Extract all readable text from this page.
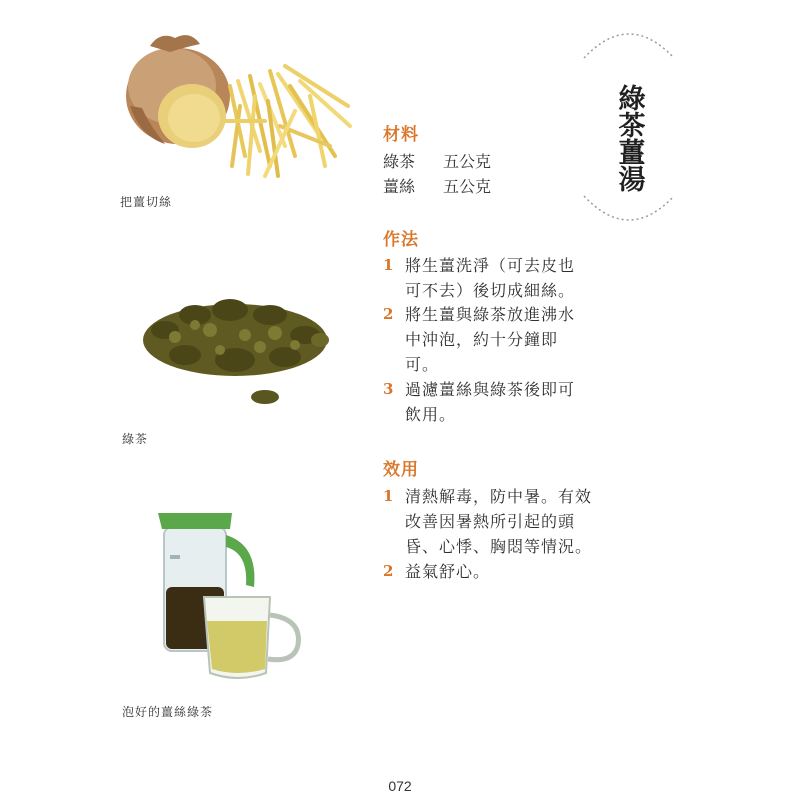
把薑切絲
綠茶
泡好的薑絲綠茶
綠茶薑湯
材料
綠茶 五公克
薑絲 五公克
作法
1 將生薑洗淨（可去皮也
可不去）後切成細絲。
2 將生薑與綠茶放進沸水
中沖泡，約十分鐘即
可。
3 過濾薑絲與綠茶後即可
飲用。
效用
1 清熱解毒，防中暑。有效
改善因暑熱所引起的頭
昏、心悸、胸悶等情況。
2 益氣舒心。
072
